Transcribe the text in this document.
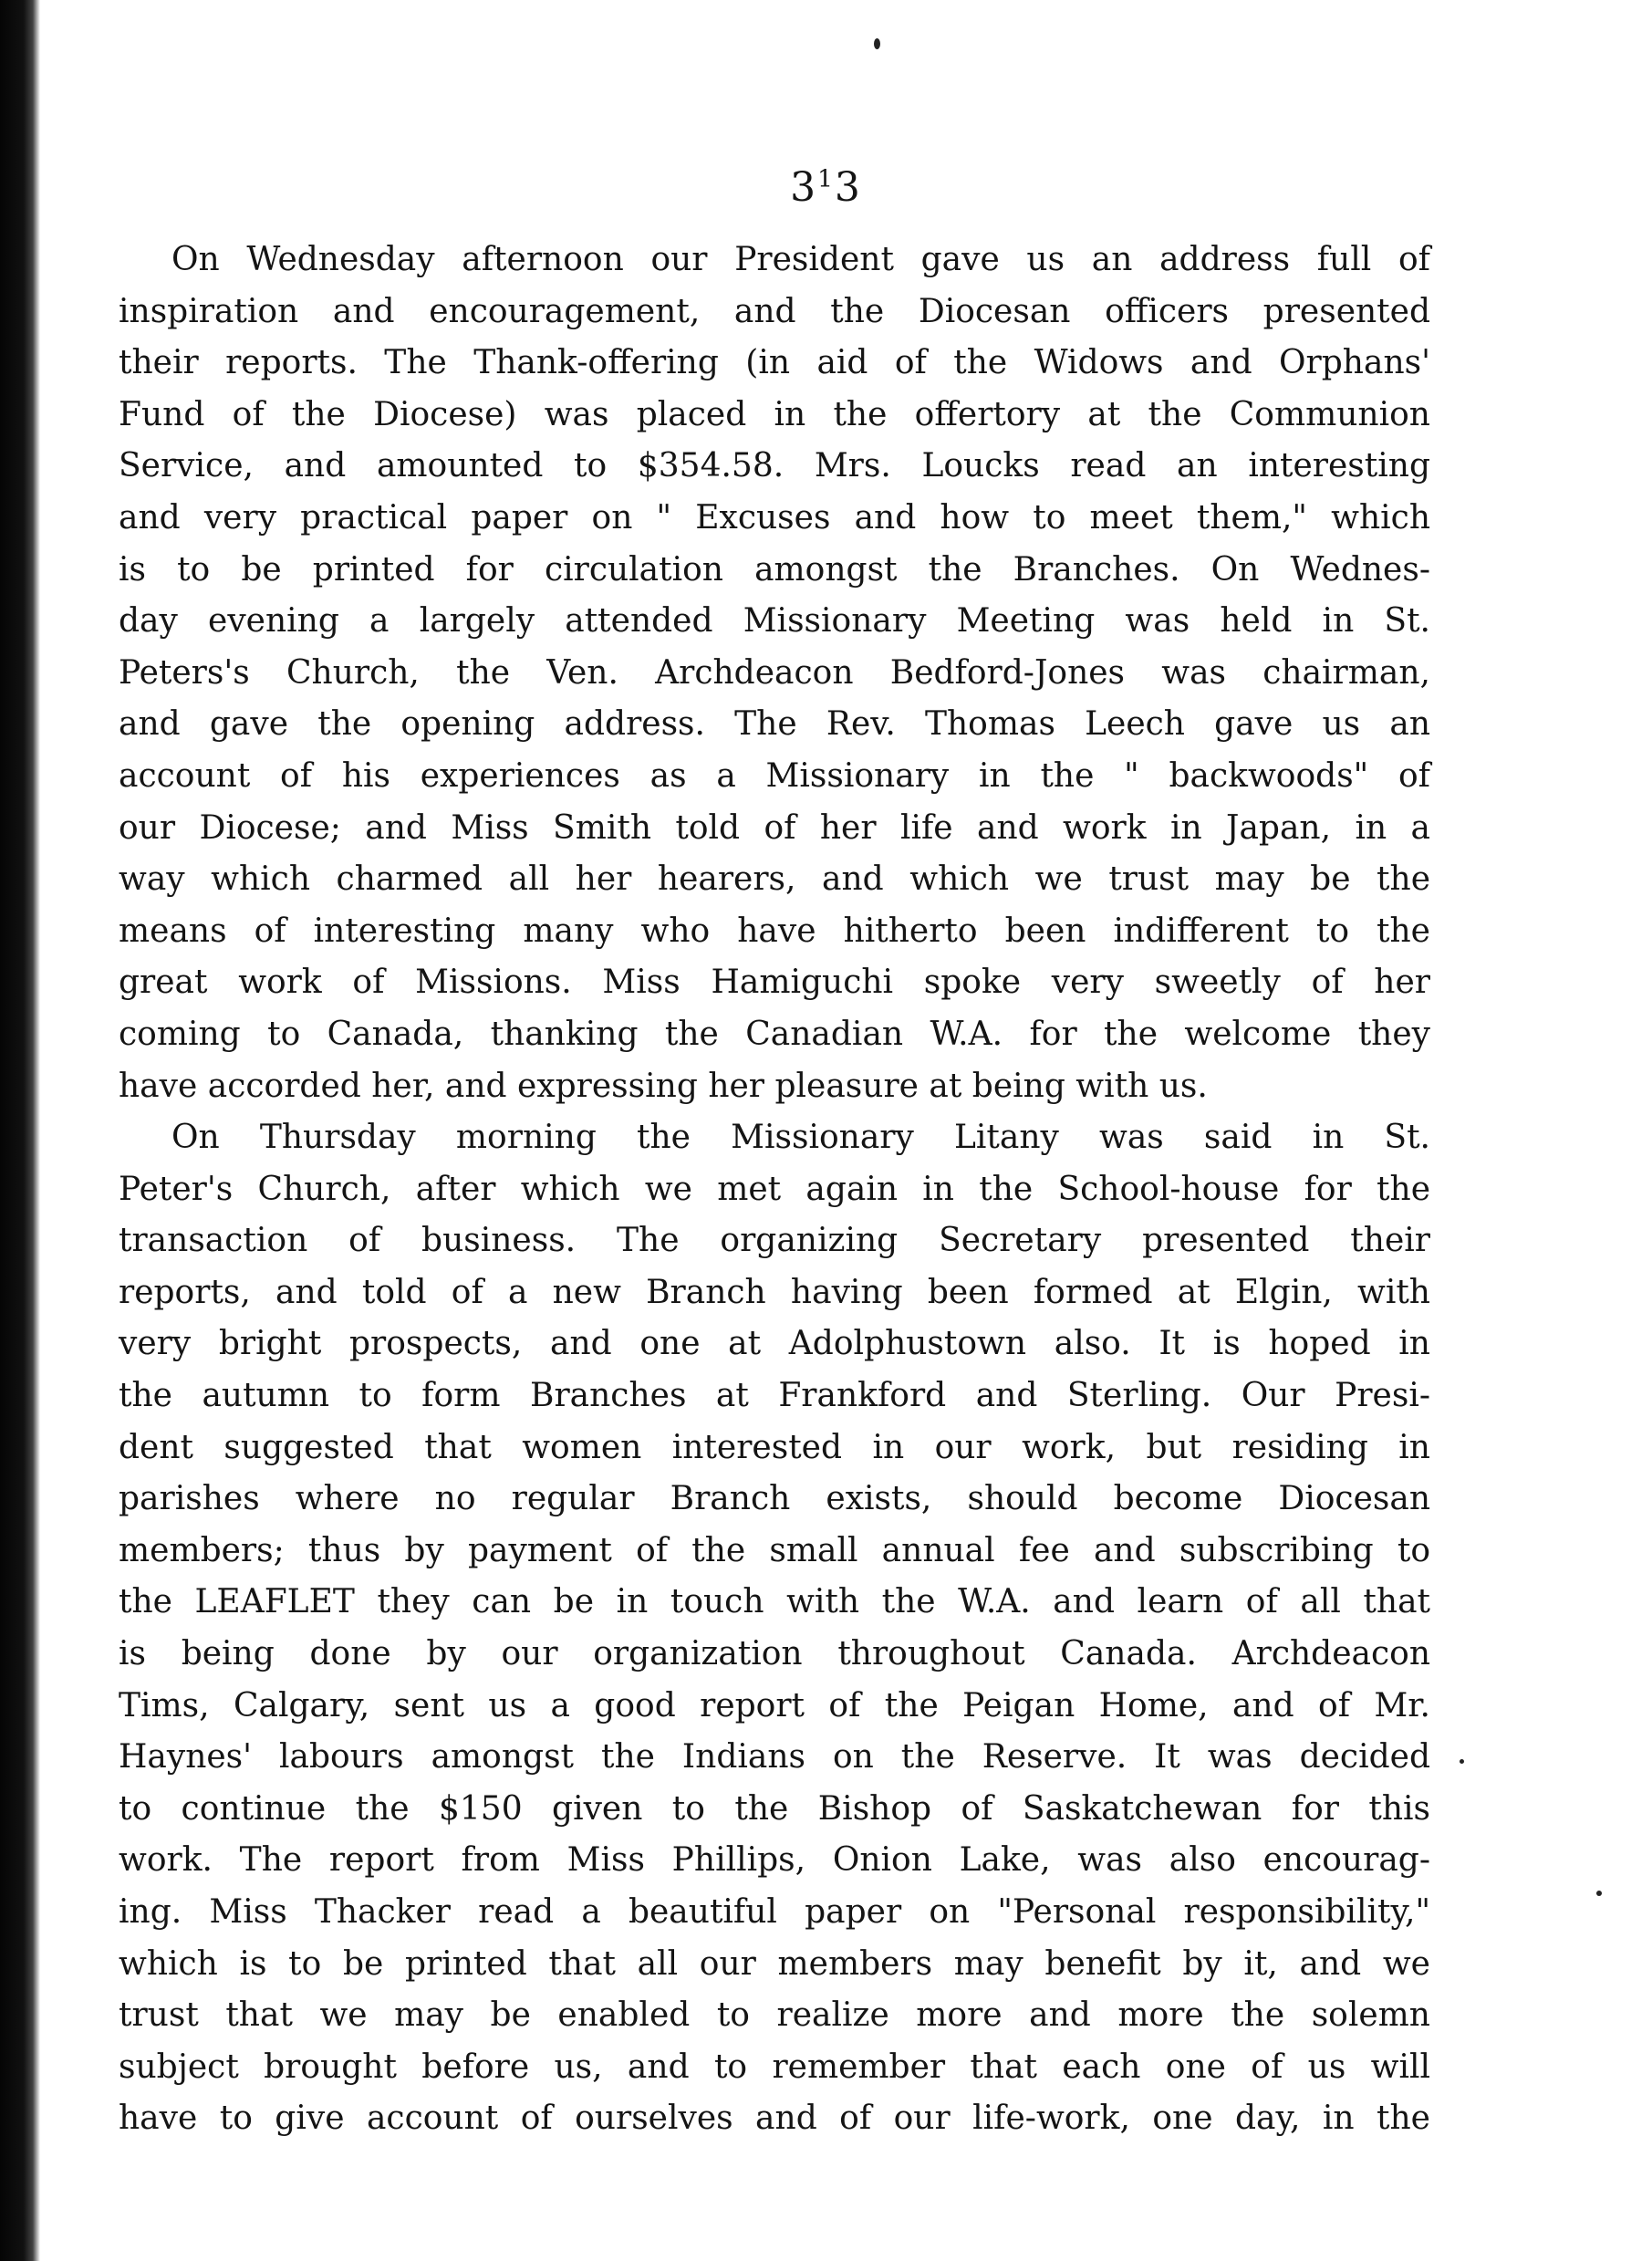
$3^13$
On Wednesday afternoon our President gave us an address full of
inspiration and encouragement, and the Diocesan officers presented
their reports. The Thank-offering (in aid of the Widows and Orphans'
Fund of the Diocese) was placed in the offertory at the Communion
Service, and amounted to $354.58. Mrs. Loucks read an interesting
and very practical paper on " Excuses and how to meet them," which
is to be printed for circulation amongst the Branches. On Wednes-
day evening a largely attended Missionary Meeting was held in St.
Peters's Church, the Ven. Archdeacon Bedford-Jones was chairman,
and gave the opening address. The Rev. Thomas Leech gave us an
account of his experiences as a Missionary in the " backwoods" of
our Diocese; and Miss Smith told of her life and work in Japan, in a
way which charmed all her hearers, and which we trust may be the
means of interesting many who have hitherto been indifferent to the
great work of Missions. Miss Hamiguchi spoke very sweetly of her
coming to Canada, thanking the Canadian W.A. for the welcome they
have accorded her, and expressing her pleasure at being with us.
On Thursday morning the Missionary Litany was said in St.
Peter's Church, after which we met again in the School-house for the
transaction of business. The organizing Secretary presented their
reports, and told of a new Branch having been formed at Elgin, with
very bright prospects, and one at Adolphustown also. It is hoped in
the autumn to form Branches at Frankford and Sterling. Our Presi-
dent suggested that women interested in our work, but residing in
parishes where no regular Branch exists, should become Diocesan
members; thus by payment of the small annual fee and subscribing to
the LEAFLET they can be in touch with the W.A. and learn of all that
is being done by our organization throughout Canada. Archdeacon
Tims, Calgary, sent us a good report of the Peigan Home, and of Mr.
Haynes' labours amongst the Indians on the Reserve. It was decided
to continue the $150 given to the Bishop of Saskatchewan for this
work. The report from Miss Phillips, Onion Lake, was also encourag-
ing. Miss Thacker read a beautiful paper on "Personal responsibility,"
which is to be printed that all our members may benefit by it, and we
trust that we may be enabled to realize more and more the solemn
subject brought before us, and to remember that each one of us will
have to give account of ourselves and of our life-work, one day, in the
